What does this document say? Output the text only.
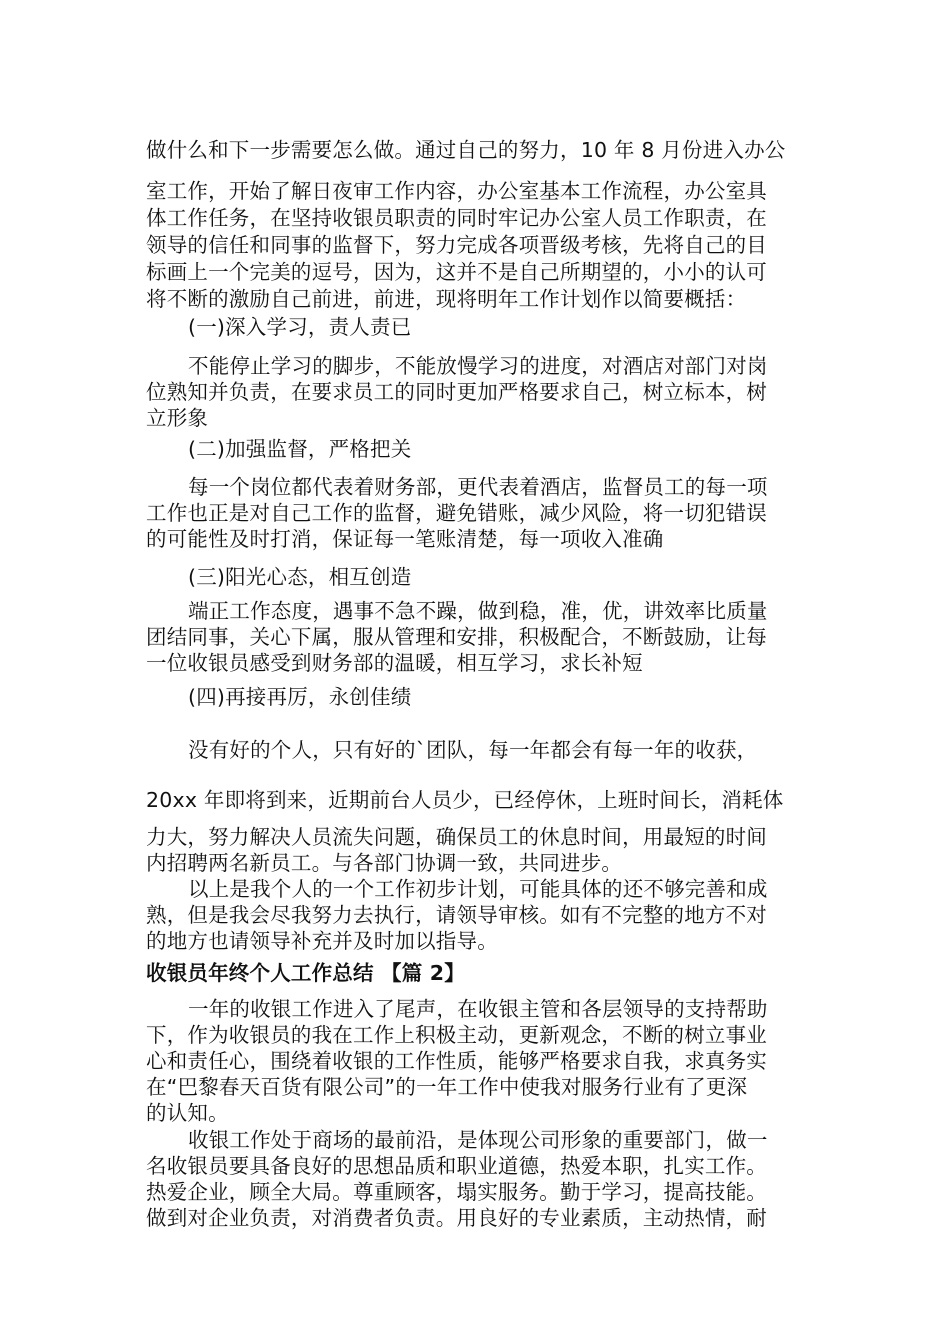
做什么和下一步需要怎么做。通过自己的努力，10 年 8 月份进入办公
室工作，开始了解日夜审工作内容，办公室基本工作流程，办公室具
体工作任务，在坚持收银员职责的同时牢记办公室人员工作职责，在
领导的信任和同事的监督下，努力完成各项晋级考核，先将自己的目
标画上一个完美的逗号，因为，这并不是自己所期望的，小小的认可
将不断的激励自己前进，前进，现将明年工作计划作以简要概括：
(一)深入学习，责人责已
不能停止学习的脚步，不能放慢学习的进度，对酒店对部门对岗
位熟知并负责，在要求员工的同时更加严格要求自己，树立标本，树
立形象
(二)加强监督，严格把关
每一个岗位都代表着财务部，更代表着酒店，监督员工的每一项
工作也正是对自己工作的监督，避免错账，减少风险，将一切犯错误
的可能性及时打消，保证每一笔账清楚，每一项收入准确
(三)阳光心态，相互创造
端正工作态度，遇事不急不躁，做到稳，准，优，讲效率比质量
团结同事，关心下属，服从管理和安排，积极配合，不断鼓励，让每
一位收银员感受到财务部的温暖，相互学习，求长补短
(四)再接再厉，永创佳绩
没有好的个人，只有好的`团队，每一年都会有每一年的收获，
20xx 年即将到来，近期前台人员少，已经停休，上班时间长，消耗体
力大，努力解决人员流失问题，确保员工的休息时间，用最短的时间
内招聘两名新员工。与各部门协调一致，共同进步。
以上是我个人的一个工作初步计划，可能具体的还不够完善和成
熟，但是我会尽我努力去执行，请领导审核。如有不完整的地方不对
的地方也请领导补充并及时加以指导。
收银员年终个人工作总结 【篇 2】
一年的收银工作进入了尾声，在收银主管和各层领导的支持帮助
下，作为收银员的我在工作上积极主动，更新观念，不断的树立事业
心和责任心，围绕着收银的工作性质，能够严格要求自我，求真务实
在“巴黎春天百货有限公司”的一年工作中使我对服务行业有了更深
的认知。
收银工作处于商场的最前沿，是体现公司形象的重要部门，做一
名收银员要具备良好的思想品质和职业道德，热爱本职，扎实工作。
热爱企业，顾全大局。尊重顾客，塌实服务。勤于学习，提高技能。
做到对企业负责，对消费者负责。用良好的专业素质，主动热情，耐
